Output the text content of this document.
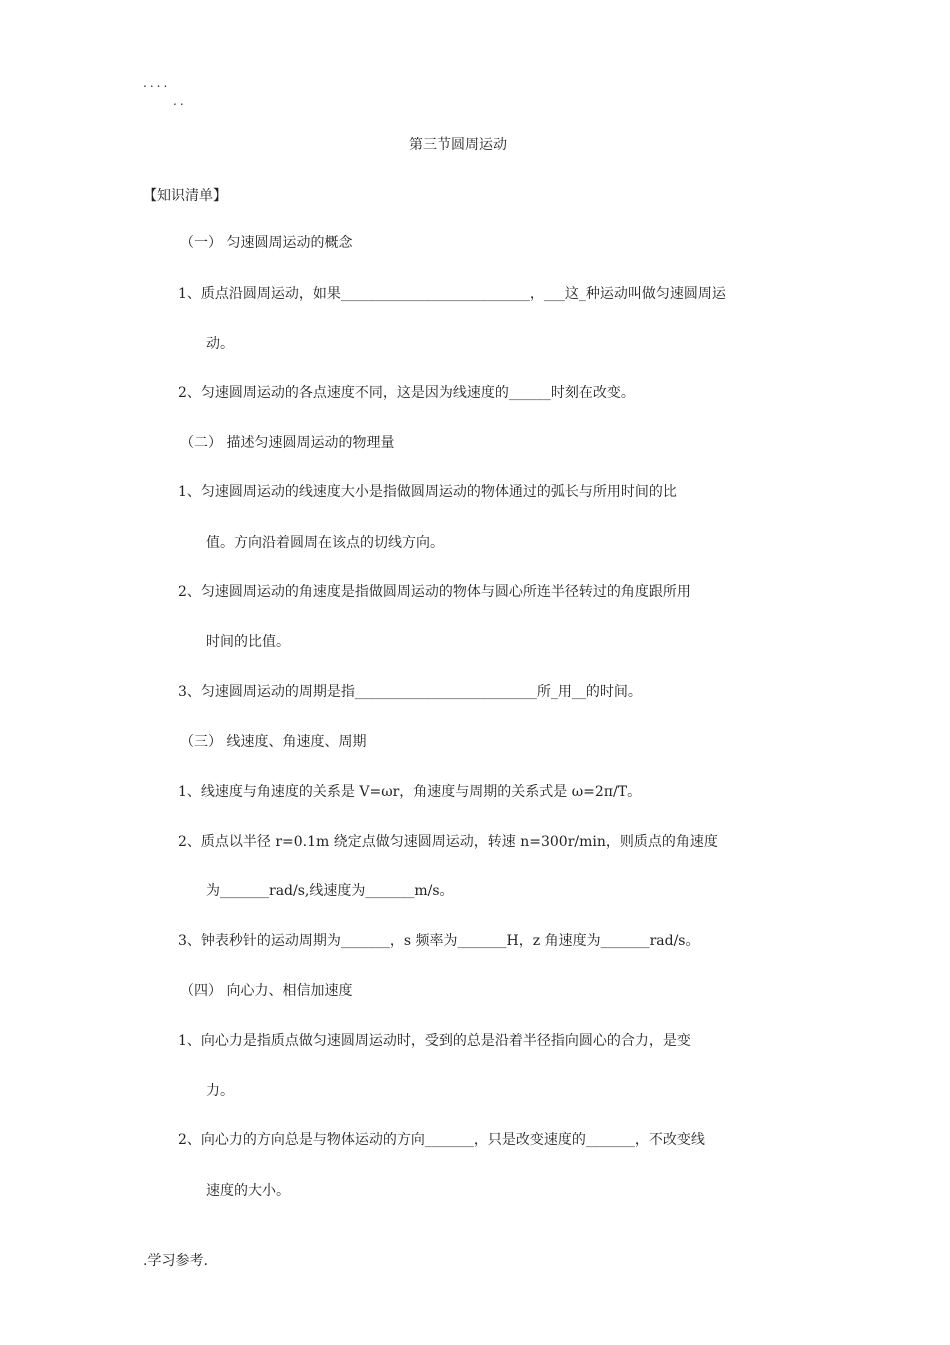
....
..
第三节圆周运动
【知识清单】
（一） 匀速圆周运动的概念
1、质点沿圆周运动，如果___________________________，___这_种运动叫做匀速圆周运
动。
2、匀速圆周运动的各点速度不同，这是因为线速度的______时刻在改变。
（二） 描述匀速圆周运动的物理量
1、匀速圆周运动的线速度大小是指做圆周运动的物体通过的弧长与所用时间的比
值。方向沿着圆周在该点的切线方向。
2、匀速圆周运动的角速度是指做圆周运动的物体与圆心所连半径转过的角度跟所用
时间的比值。
3、匀速圆周运动的周期是指__________________________所_用__的时间。
（三） 线速度、角速度、周期
1、线速度与角速度的关系是 V=ωr，角速度与周期的关系式是 ω=2π/T。
2、质点以半径 r=0.1m 绕定点做匀速圆周运动，转速 n=300r/min，则质点的角速度
为_______rad/s,线速度为_______m/s。
3、钟表秒针的运动周期为_______，s 频率为_______H，z 角速度为_______rad/s。
（四） 向心力、相信加速度
1、向心力是指质点做匀速圆周运动时，受到的总是沿着半径指向圆心的合力，是变
力。
2、向心力的方向总是与物体运动的方向_______，只是改变速度的_______，不改变线
速度的大小。
.学习参考.
